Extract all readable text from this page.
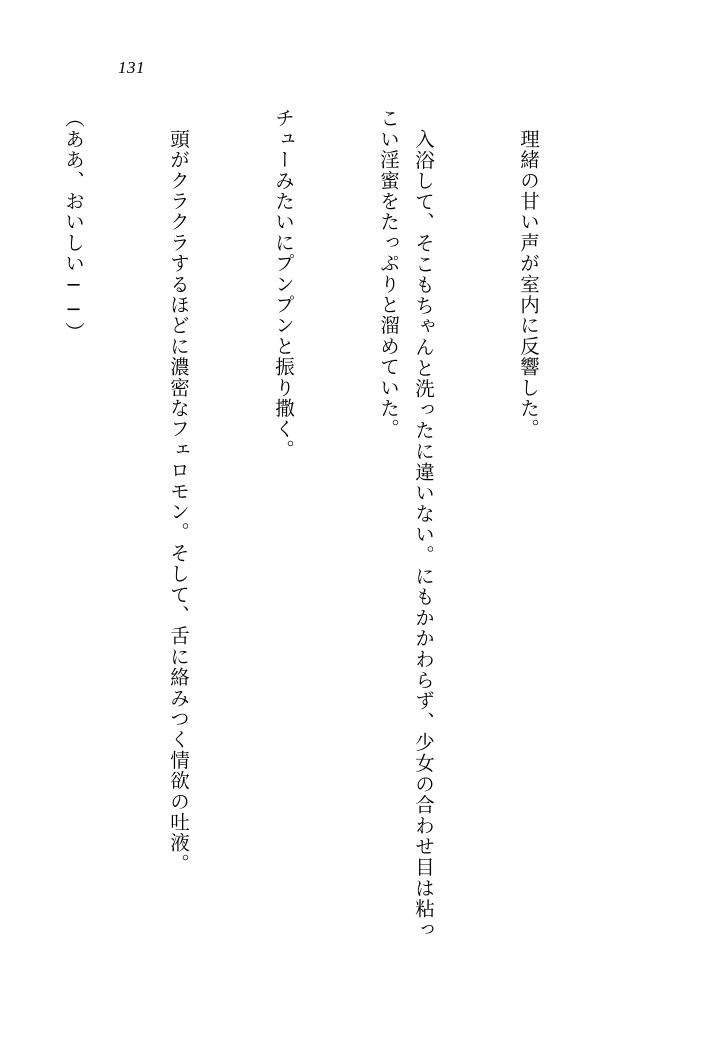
131

　理緒の甘い声が室内に反響した。

　入浴して、そこもちゃんと洗ったに違いない。にもかかわらず、少女の合わせ目は粘っこい淫蜜をたっぷりと溜めていた。

チューみたいにプンプンと振り撒く。

　頭がクラクラするほどに濃密なフェロモン。そして、舌に絡みつく情欲の吐液。

（ああ、おいしい──）
